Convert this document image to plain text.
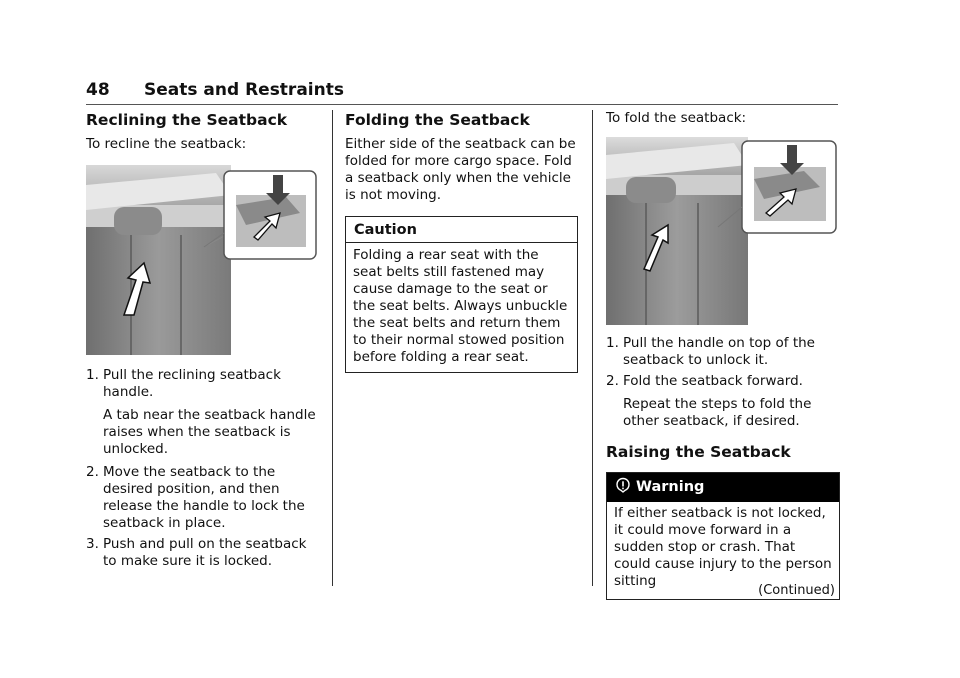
48 Seats and Restraints
Reclining the Seatback

To recline the seatback:

1. Pull the reclining seatback handle.

A tab near the seatback handle raises when the seatback is unlocked.

2. Move the seatback to the desired position, and then release the handle to lock the seatback in place.
3. Push and pull on the seatback to make sure it is locked.
Folding the Seatback

Either side of the seatback can be folded for more cargo space. Fold a seatback only when the vehicle is not moving.

Caution

Folding a rear seat with the seat belts still fastened may cause damage to the seat or the seat belts. Always unbuckle the seat belts and return them to their normal stowed position before folding a rear seat.

To fold the seatback:

1. Pull the handle on top of the seatback to unlock it.
2. Fold the seatback forward.

Repeat the steps to fold the other seatback, if desired.

Raising the Seatback
Warning

If either seatback is not locked, it could move forward in a sudden stop or crash. That could cause injury to the person sitting

(Continued)
